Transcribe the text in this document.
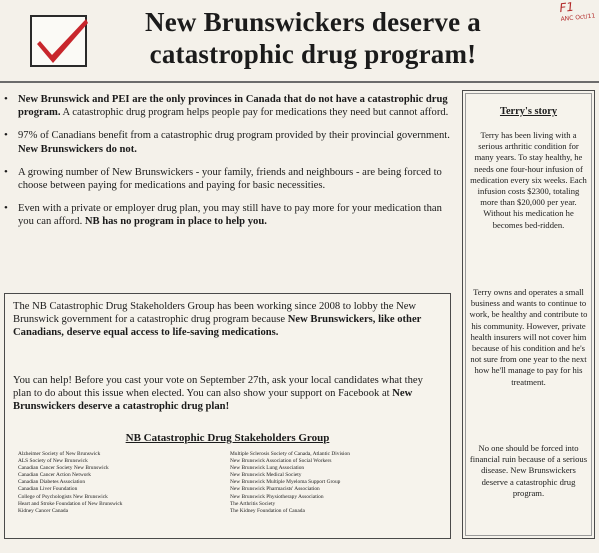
New Brunswickers deserve a
catastrophic drug program!
F1
ANC Oct/11
• New Brunswick and PEI are the only provinces in Canada that do not have a catastrophic drug program. A catastrophic drug program helps people pay for medications they need but cannot afford.
• 97% of Canadians benefit from a catastrophic drug program provided by their provincial government. New Brunswickers do not.
• A growing number of New Brunswickers - your family, friends and neighbours - are being forced to choose between paying for medications and paying for basic necessities.
• Even with a private or employer drug plan, you may still have to pay more for your medication than you can afford. NB has no program in place to help you.

The NB Catastrophic Drug Stakeholders Group has been working since 2008 to lobby the New Brunswick government for a catastrophic drug program because New Brunswickers, like other Canadians, deserve equal access to life-saving medications.

You can help! Before you cast your vote on September 27th, ask your local candidates what they plan to do about this issue when elected. You can also show your support on Facebook at New Brunswickers deserve a catastrophic drug plan!

NB Catastrophic Drug Stakeholders Group
Alzheimer Society of New Brunswick
ALS Society of New Brunswick
Canadian Cancer Society New Brunswick
Canadian Cancer Action Network
Canadian Diabetes Association
Canadian Liver Foundation
College of Psychologists New Brunswick
Heart and Stroke Foundation of New Brunswick
Kidney Cancer Canada
Multiple Sclerosis Society of Canada, Atlantic Division
New Brunswick Association of Social Workers
New Brunswick Lung Association
New Brunswick Medical Society
New Brunswick Multiple Myeloma Support Group
New Brunswick Pharmacists' Association
New Brunswick Physiotherapy Association
The Arthritis Society
The Kidney Foundation of Canada
Terry's story

Terry has been living with a serious arthritic condition for many years. To stay healthy, he needs one four-hour infusion of medication every six weeks. Each infusion costs $2300, totaling more than $20,000 per year. Without his medication he becomes bed-ridden.

Terry owns and operates a small business and wants to continue to work, be healthy and contribute to his community. However, private health insurers will not cover him because of his condition and he's not sure from one year to the next how he'll manage to pay for his treatment.

No one should be forced into financial ruin because of a serious disease. New Brunswickers deserve a catastrophic drug program.
